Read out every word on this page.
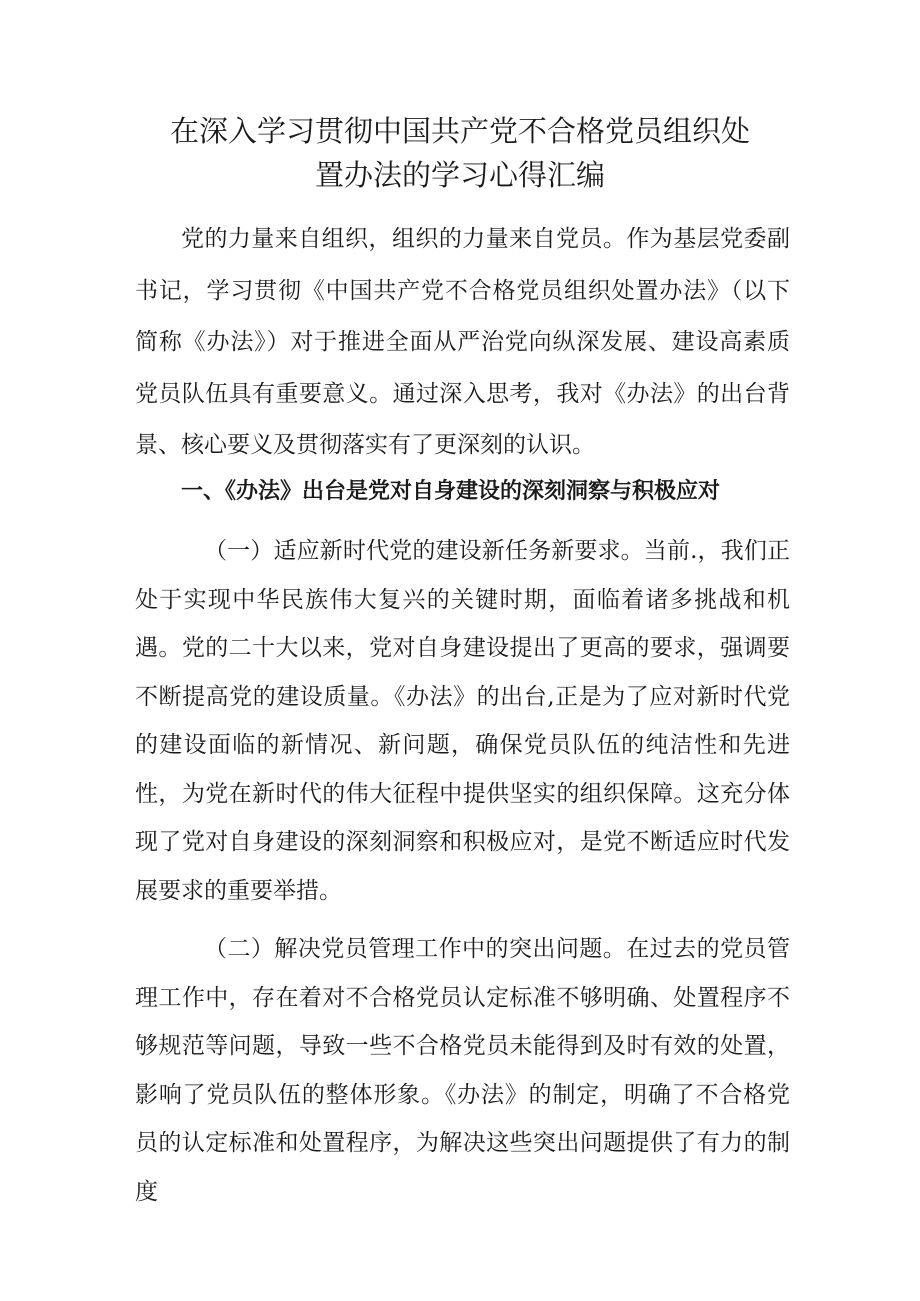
在深入学习贯彻中国共产党不合格党员组织处
置办法的学习心得汇编

党的力量来自组织，组织的力量来自党员。作为基层党委副书记，学习贯彻《中国共产党不合格党员组织处置办法》（以下简称《办法》）对于推进全面从严治党向纵深发展、建设高素质党员队伍具有重要意义。通过深入思考，我对《办法》的出台背景、核心要义及贯彻落实有了更深刻的认识。

一、《办法》出台是党对自身建设的深刻洞察与积极应对

（一）适应新时代党的建设新任务新要求。当前.，我们正处于实现中华民族伟大复兴的关键时期，面临着诸多挑战和机遇。党的二十大以来，党对自身建设提出了更高的要求，强调要不断提高党的建设质量。《办法》的出台,正是为了应对新时代党的建设面临的新情况、新问题，确保党员队伍的纯洁性和先进性，为党在新时代的伟大征程中提供坚实的组织保障。这充分体现了党对自身建设的深刻洞察和积极应对，是党不断适应时代发展要求的重要举措。

（二）解决党员管理工作中的突出问题。在过去的党员管理工作中，存在着对不合格党员认定标准不够明确、处置程序不够规范等问题，导致一些不合格党员未能得到及时有效的处置，影响了党员队伍的整体形象。《办法》的制定，明确了不合格党员的认定标准和处置程序，为解决这些突出问题提供了有力的制度
